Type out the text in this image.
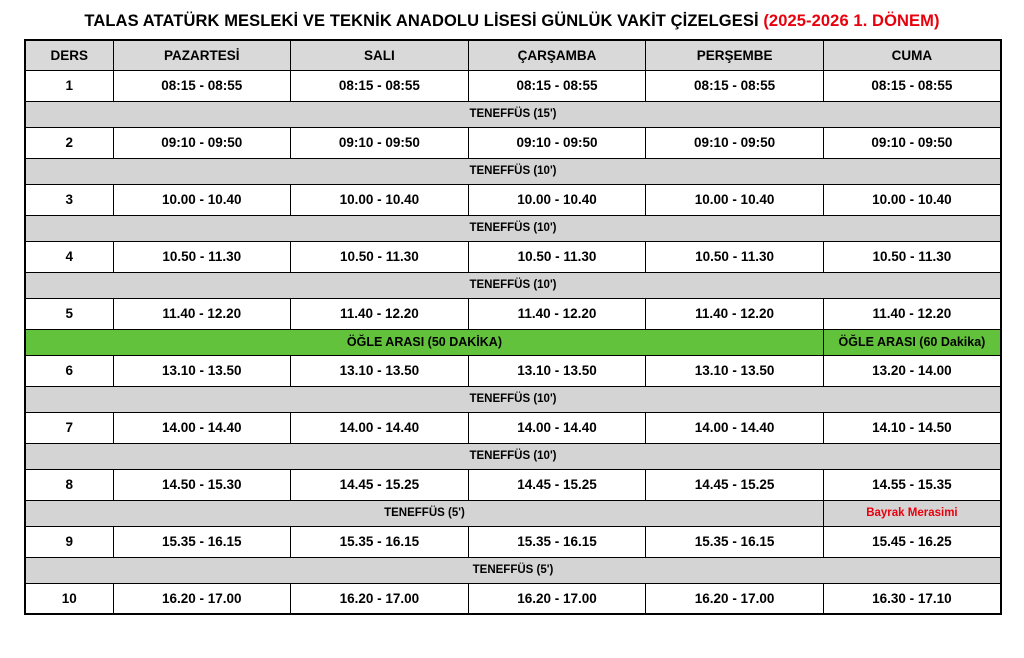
TALAS ATATÜRK MESLEKİ VE TEKNİK ANADOLU LİSESİ GÜNLÜK VAKİT ÇİZELGESİ (2025-2026 1. DÖNEM)
DERS	PAZARTESİ	SALI	ÇARŞAMBA	PERŞEMBE	CUMA
1	08:15 - 08:55	08:15 - 08:55	08:15 - 08:55	08:15 - 08:55	08:15 - 08:55
TENEFFÜS (15')					
2	09:10 - 09:50	09:10 - 09:50	09:10 - 09:50	09:10 - 09:50	09:10 - 09:50
TENEFFÜS (10')					
3	10.00 - 10.40	10.00 - 10.40	10.00 - 10.40	10.00 - 10.40	10.00 - 10.40
TENEFFÜS (10')					
4	10.50 - 11.30	10.50 - 11.30	10.50 - 11.30	10.50 - 11.30	10.50 - 11.30
TENEFFÜS (10')					
5	11.40 - 12.20	11.40 - 12.20	11.40 - 12.20	11.40 - 12.20	11.40 - 12.20
ÖĞLE ARASI (50 DAKİKA)					ÖĞLE ARASI (60 Dakika)
6	13.10 - 13.50	13.10 - 13.50	13.10 - 13.50	13.10 - 13.50	13.20 - 14.00
TENEFFÜS (10')					
7	14.00 - 14.40	14.00 - 14.40	14.00 - 14.40	14.00 - 14.40	14.10 - 14.50
TENEFFÜS (10')					
8	14.50 - 15.30	14.45 - 15.25	14.45 - 15.25	14.45 - 15.25	14.55 - 15.35
TENEFFÜS (5')					Bayrak Merasimi
9	15.35 - 16.15	15.35 - 16.15	15.35 - 16.15	15.35 - 16.15	15.45 - 16.25
TENEFFÜS (5')					
10	16.20 - 17.00	16.20 - 17.00	16.20 - 17.00	16.20 - 17.00	16.30 - 17.10
